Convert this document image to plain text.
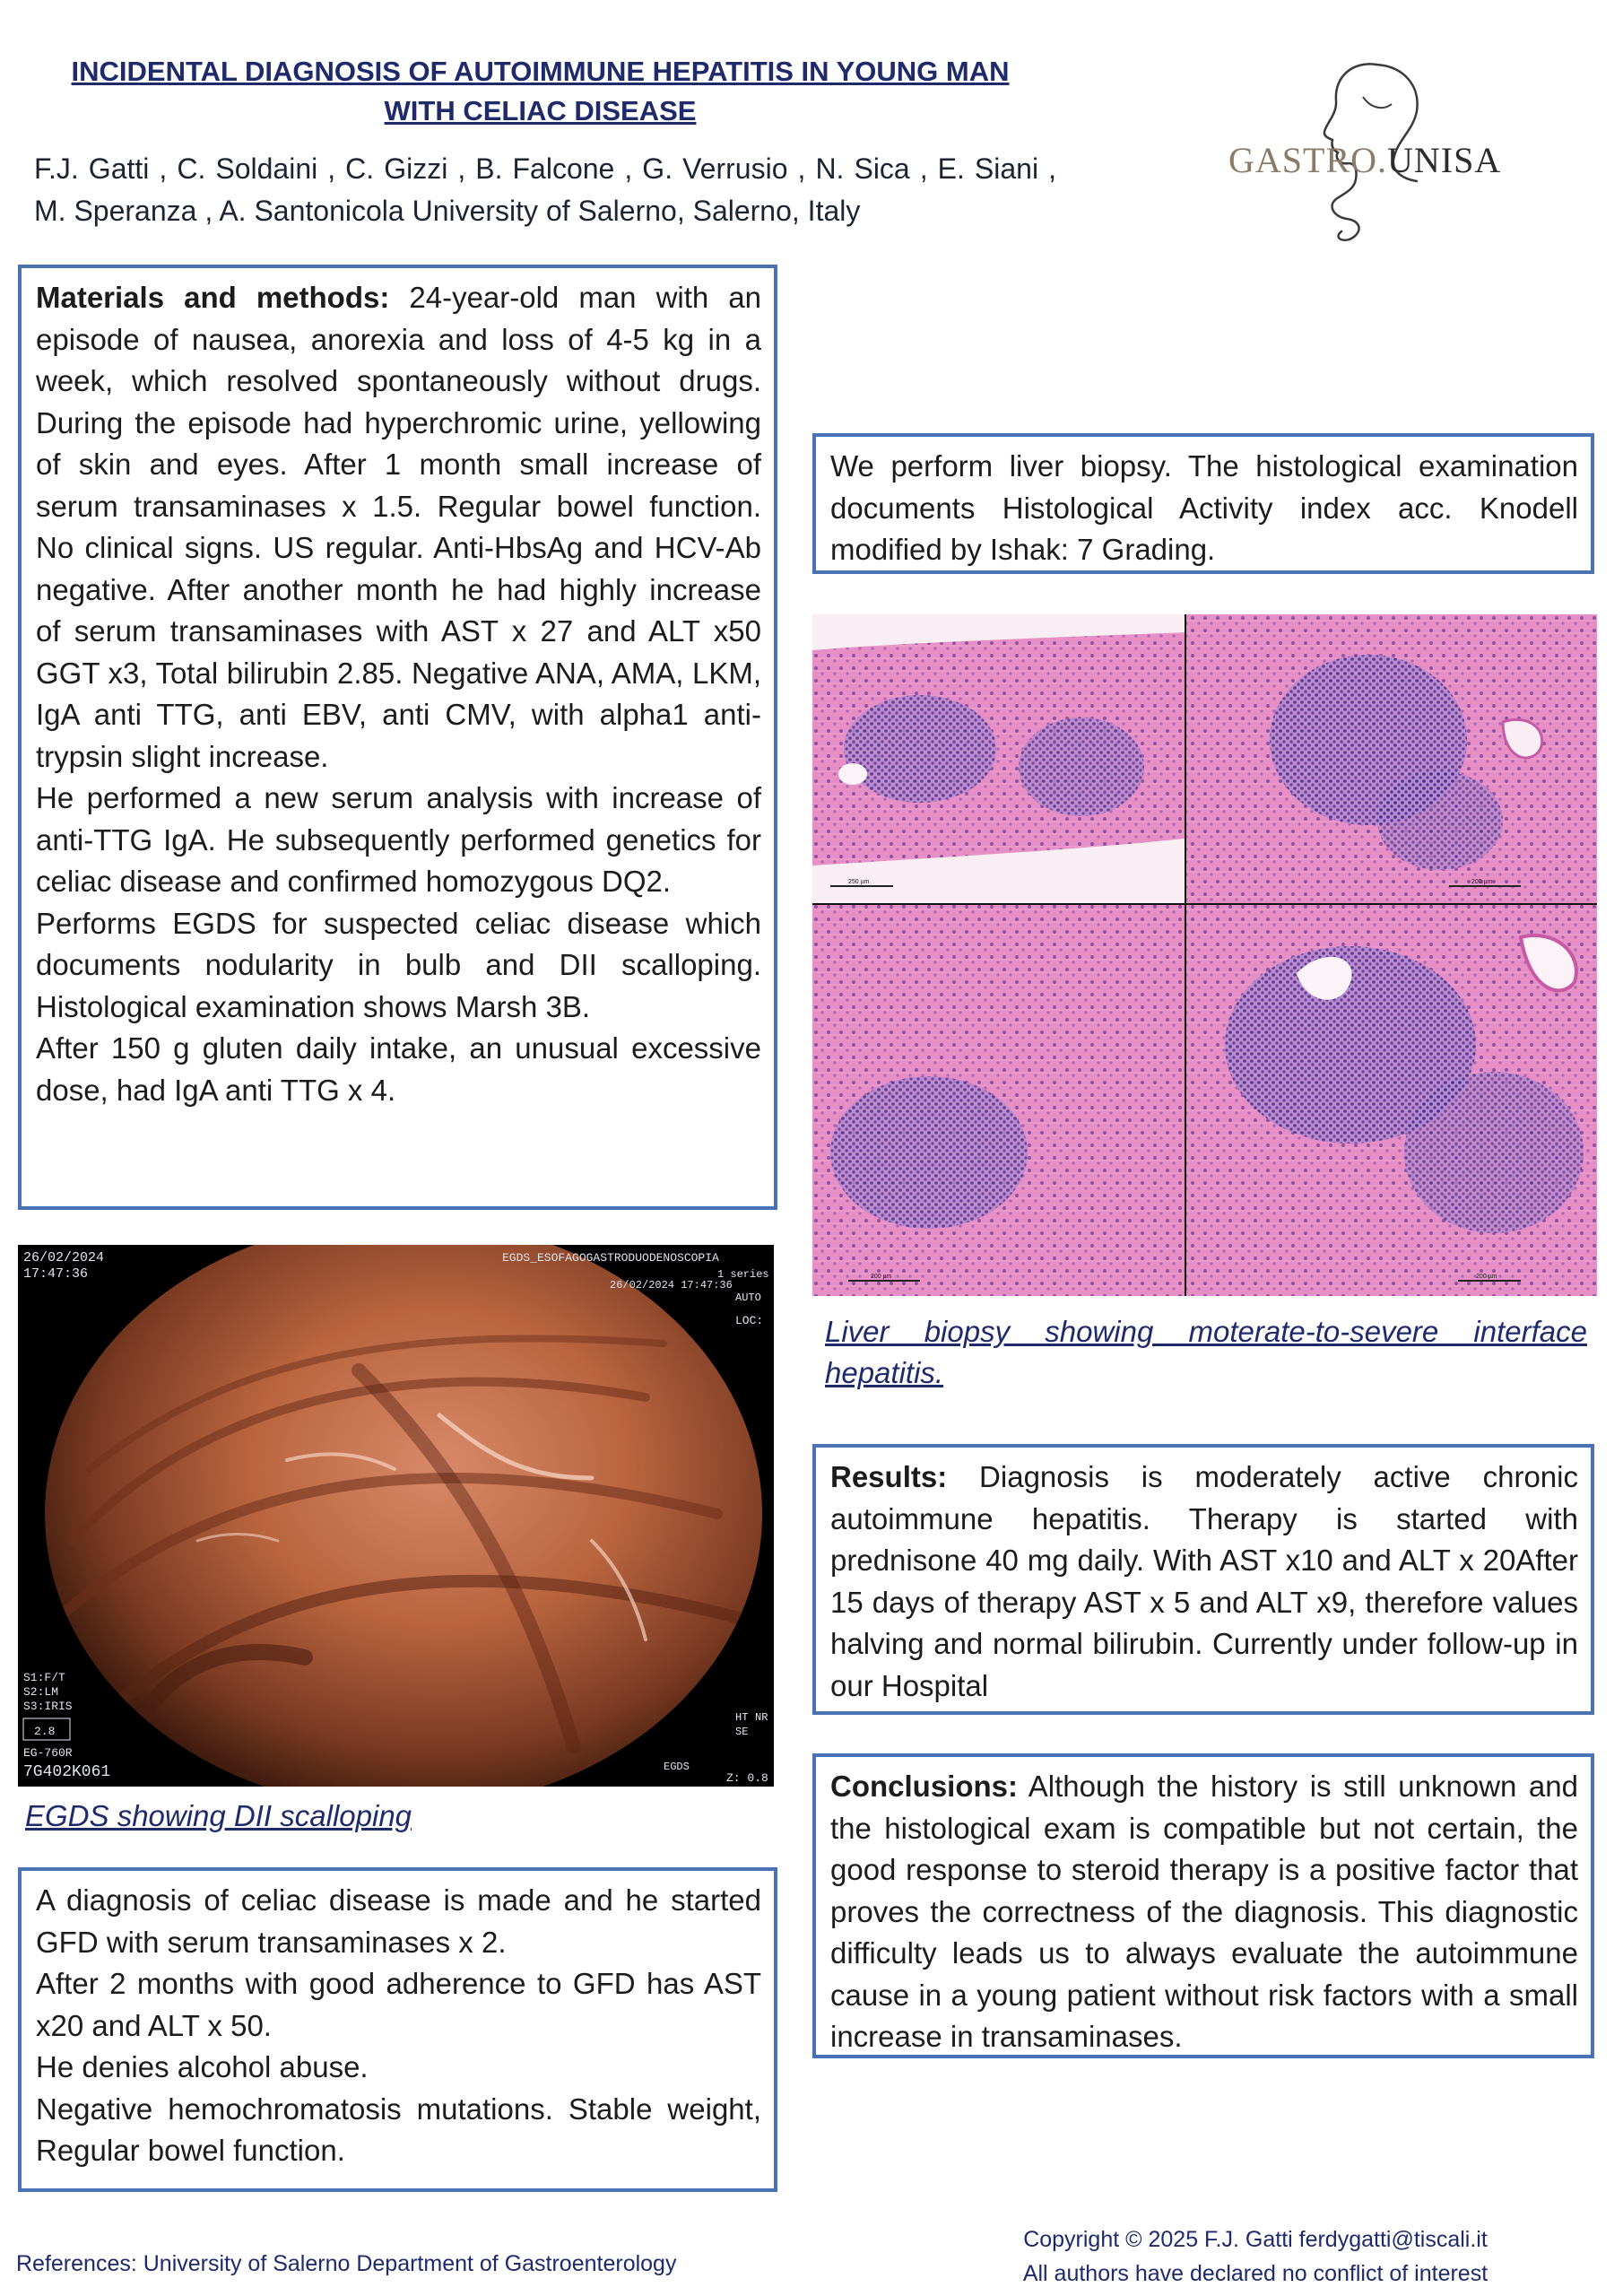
INCIDENTAL DIAGNOSIS OF AUTOIMMUNE HEPATITIS IN YOUNG MAN
WITH CELIAC DISEASE
F.J. Gatti , C. Soldaini , C. Gizzi , B. Falcone , G. Verrusio , N. Sica , E. Siani , M. Speranza , A. Santonicola University of Salerno, Salerno, Italy
GASTRO.UNISA

Materials and methods: 24-year-old man with an episode of nausea, anorexia and loss of 4-5 kg in a week, which resolved spontaneously without drugs. During the episode had hyperchromic urine, yellowing of skin and eyes. After 1 month small increase of serum transaminases x 1.5. Regular bowel function. No clinical signs. US regular. Anti-HbsAg and HCV-Ab negative. After another month he had highly increase of serum transaminases with AST x 27 and ALT x50 GGT x3, Total bilirubin 2.85. Negative ANA, AMA, LKM, IgA anti TTG, anti EBV, anti CMV, with alpha1 anti-trypsin slight increase.

He performed a new serum analysis with increase of anti-TTG IgA. He subsequently performed genetics for celiac disease and confirmed homozygous DQ2.

Performs EGDS for suspected celiac disease which documents nodularity in bulb and DII scalloping. Histological examination shows Marsh 3B.

After 150 g gluten daily intake, an unusual excessive dose, had IgA anti TTG x 4.

26/02/2024
17:47:36
EGDS_ESOFAGOGASTRODUODENOSCOPIA
1 series
26/02/2024 17:47:36
AUTO
LOC:
S1:F/T
S2:LM
S3:IRIS
2.8
EG-760R
7G402K061	EGDS
HT NR
SE
Z: 0.8
EGDS showing DII scalloping

A diagnosis of celiac disease is made and he started GFD with serum transaminases x 2.

After 2 months with good adherence to GFD has AST x20 and ALT x 50.

He denies alcohol abuse.

Negative hemochromatosis mutations. Stable weight, Regular bowel function.

We perform liver biopsy. The histological examination documents Histological Activity index acc. Knodell modified by Ishak: 7 Grading.

250 µm	200 µm
200 µm	200 µm
Liver biopsy showing moterate-to-severe interface hepatitis.

Results: Diagnosis is moderately active chronic autoimmune hepatitis. Therapy is started with prednisone 40 mg daily. With AST x10 and ALT x 20After 15 days of therapy AST x 5 and ALT x9, therefore values halving and normal bilirubin. Currently under follow-up in our Hospital

Conclusions: Although the history is still unknown and the histological exam is compatible but not certain, the good response to steroid therapy is a positive factor that proves the correctness of the diagnosis. This diagnostic difficulty leads us to always evaluate the autoimmune cause in a young patient without risk factors with a small increase in transaminases.

References: University of Salerno Department of Gastroenterology
Copyright © 2025 F.J. Gatti ferdygatti@tiscali.it
All authors have declared no conflict of interest
